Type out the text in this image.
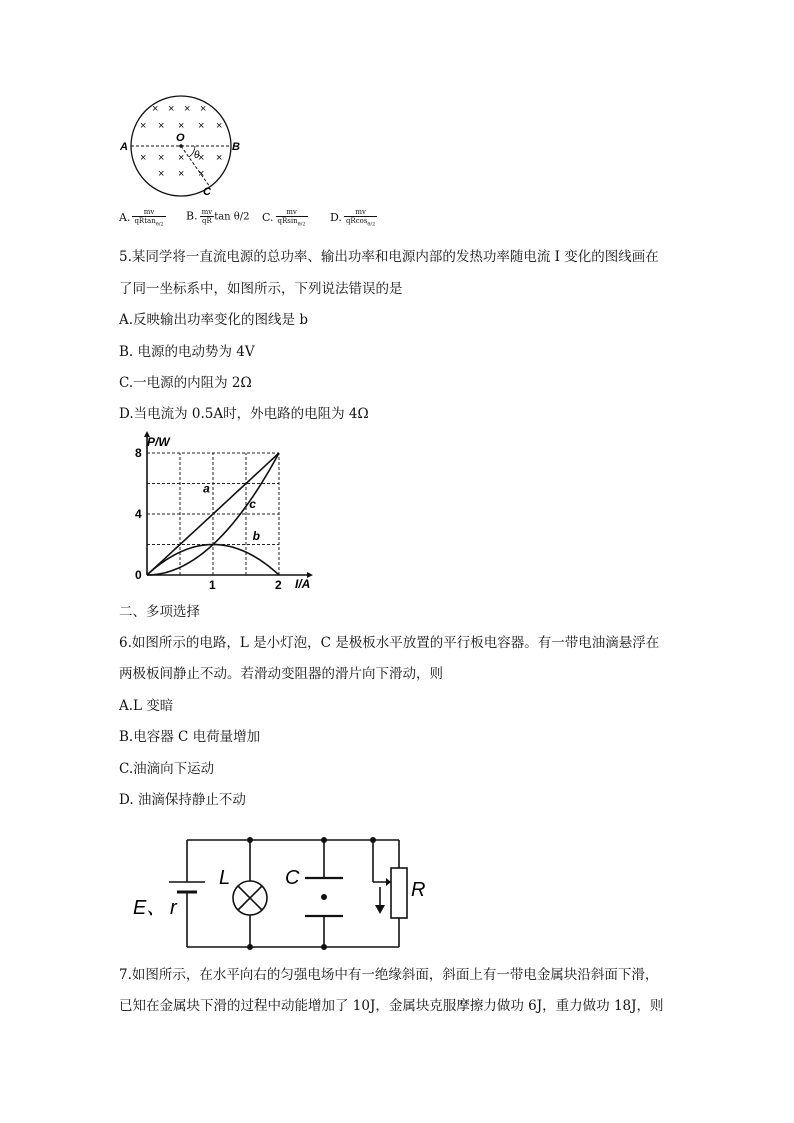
× × × ×
× × × × ×
× × × × ×
× × ×
A	B
O
C
θ
A. $\frac{mv}{qRtan_{\theta/2}} B$. $\frac{mv}{qR}$ tan θ/2 C. $\frac{mv}{qRsin_{\theta/2}} D$. $\frac{mv}{qRcos_{\theta/2}}$
5.某同学将一直流电源的总功率、输出功率和电源内部的发热功率随电流 I 变化的图线画在
了同一坐标系中，如图所示，下列说法错误的是
A.反映输出功率变化的图线是 b
B. 电源的电动势为 4V
C.一电源的内阻为 2Ω
D.当电流为 0.5A时，外电路的电阻为 4Ω
a
b
c
0
1	2
4
8
P/W
I/A
二、多项选择
6.如图所示的电路，L 是小灯泡，C 是极板水平放置的平行板电容器。有一带电油滴悬浮在
两极板间静止不动。若滑动变阻器的滑片向下滑动，则
A.L 变暗
B.电容器 C 电荷量增加
C.油滴向下运动
D. 油滴保持静止不动
E、 r
L	C
R
7.如图所示，在水平向右的匀强电场中有一绝缘斜面，斜面上有一带电金属块沿斜面下滑，
已知在金属块下滑的过程中动能增加了 10J，金属块克服摩擦力做功 6J，重力做功 18J，则
